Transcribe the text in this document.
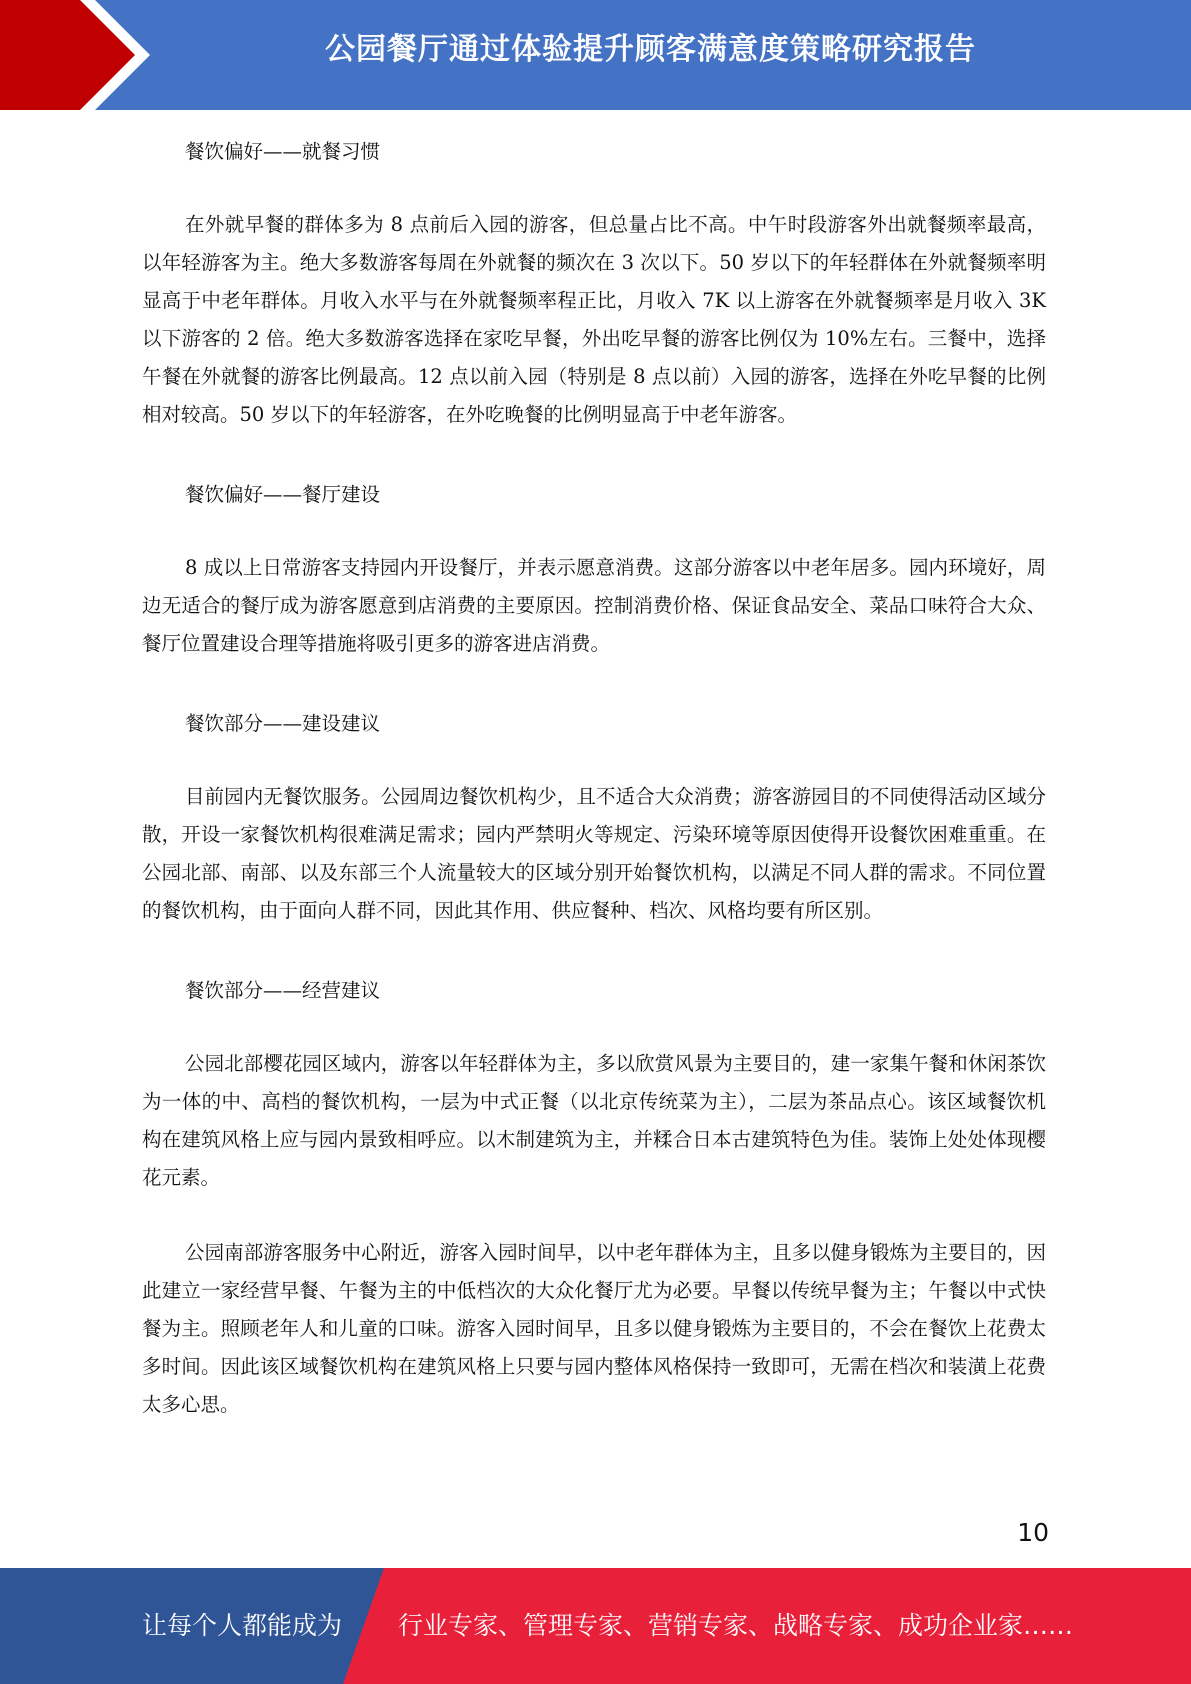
公园餐厅通过体验提升顾客满意度策略研究报告
餐饮偏好——就餐习惯

在外就早餐的群体多为 8 点前后入园的游客，但总量占比不高。中午时段游客外出就餐频率最高，以年轻游客为主。绝大多数游客每周在外就餐的频次在 3 次以下。50 岁以下的年轻群体在外就餐频率明显高于中老年群体。月收入水平与在外就餐频率程正比，月收入 7K 以上游客在外就餐频率是月收入 3K 以下游客的 2 倍。绝大多数游客选择在家吃早餐，外出吃早餐的游客比例仅为 10%左右。三餐中，选择午餐在外就餐的游客比例最高。12 点以前入园（特别是 8 点以前）入园的游客，选择在外吃早餐的比例相对较高。50 岁以下的年轻游客，在外吃晚餐的比例明显高于中老年游客。

餐饮偏好——餐厅建设

8 成以上日常游客支持园内开设餐厅，并表示愿意消费。这部分游客以中老年居多。园内环境好，周边无适合的餐厅成为游客愿意到店消费的主要原因。控制消费价格、保证食品安全、菜品口味符合大众、餐厅位置建设合理等措施将吸引更多的游客进店消费。

餐饮部分——建设建议

目前园内无餐饮服务。公园周边餐饮机构少，且不适合大众消费；游客游园目的不同使得活动区域分散，开设一家餐饮机构很难满足需求；园内严禁明火等规定、污染环境等原因使得开设餐饮困难重重。在公园北部、南部、以及东部三个人流量较大的区域分别开始餐饮机构，以满足不同人群的需求。不同位置的餐饮机构，由于面向人群不同，因此其作用、供应餐种、档次、风格均要有所区别。

餐饮部分——经营建议

公园北部樱花园区域内，游客以年轻群体为主，多以欣赏风景为主要目的，建一家集午餐和休闲茶饮为一体的中、高档的餐饮机构，一层为中式正餐（以北京传统菜为主），二层为茶品点心。该区域餐饮机构在建筑风格上应与园内景致相呼应。以木制建筑为主，并糅合日本古建筑特色为佳。装饰上处处体现樱花元素。

公园南部游客服务中心附近，游客入园时间早，以中老年群体为主，且多以健身锻炼为主要目的，因此建立一家经营早餐、午餐为主的中低档次的大众化餐厅尤为必要。早餐以传统早餐为主；午餐以中式快餐为主。照顾老年人和儿童的口味。游客入园时间早，且多以健身锻炼为主要目的，不会在餐饮上花费太多时间。因此该区域餐饮机构在建筑风格上只要与园内整体风格保持一致即可，无需在档次和装潢上花费太多心思。

10
让每个人都能成为 行业专家、管理专家、营销专家、战略专家、成功企业家……
